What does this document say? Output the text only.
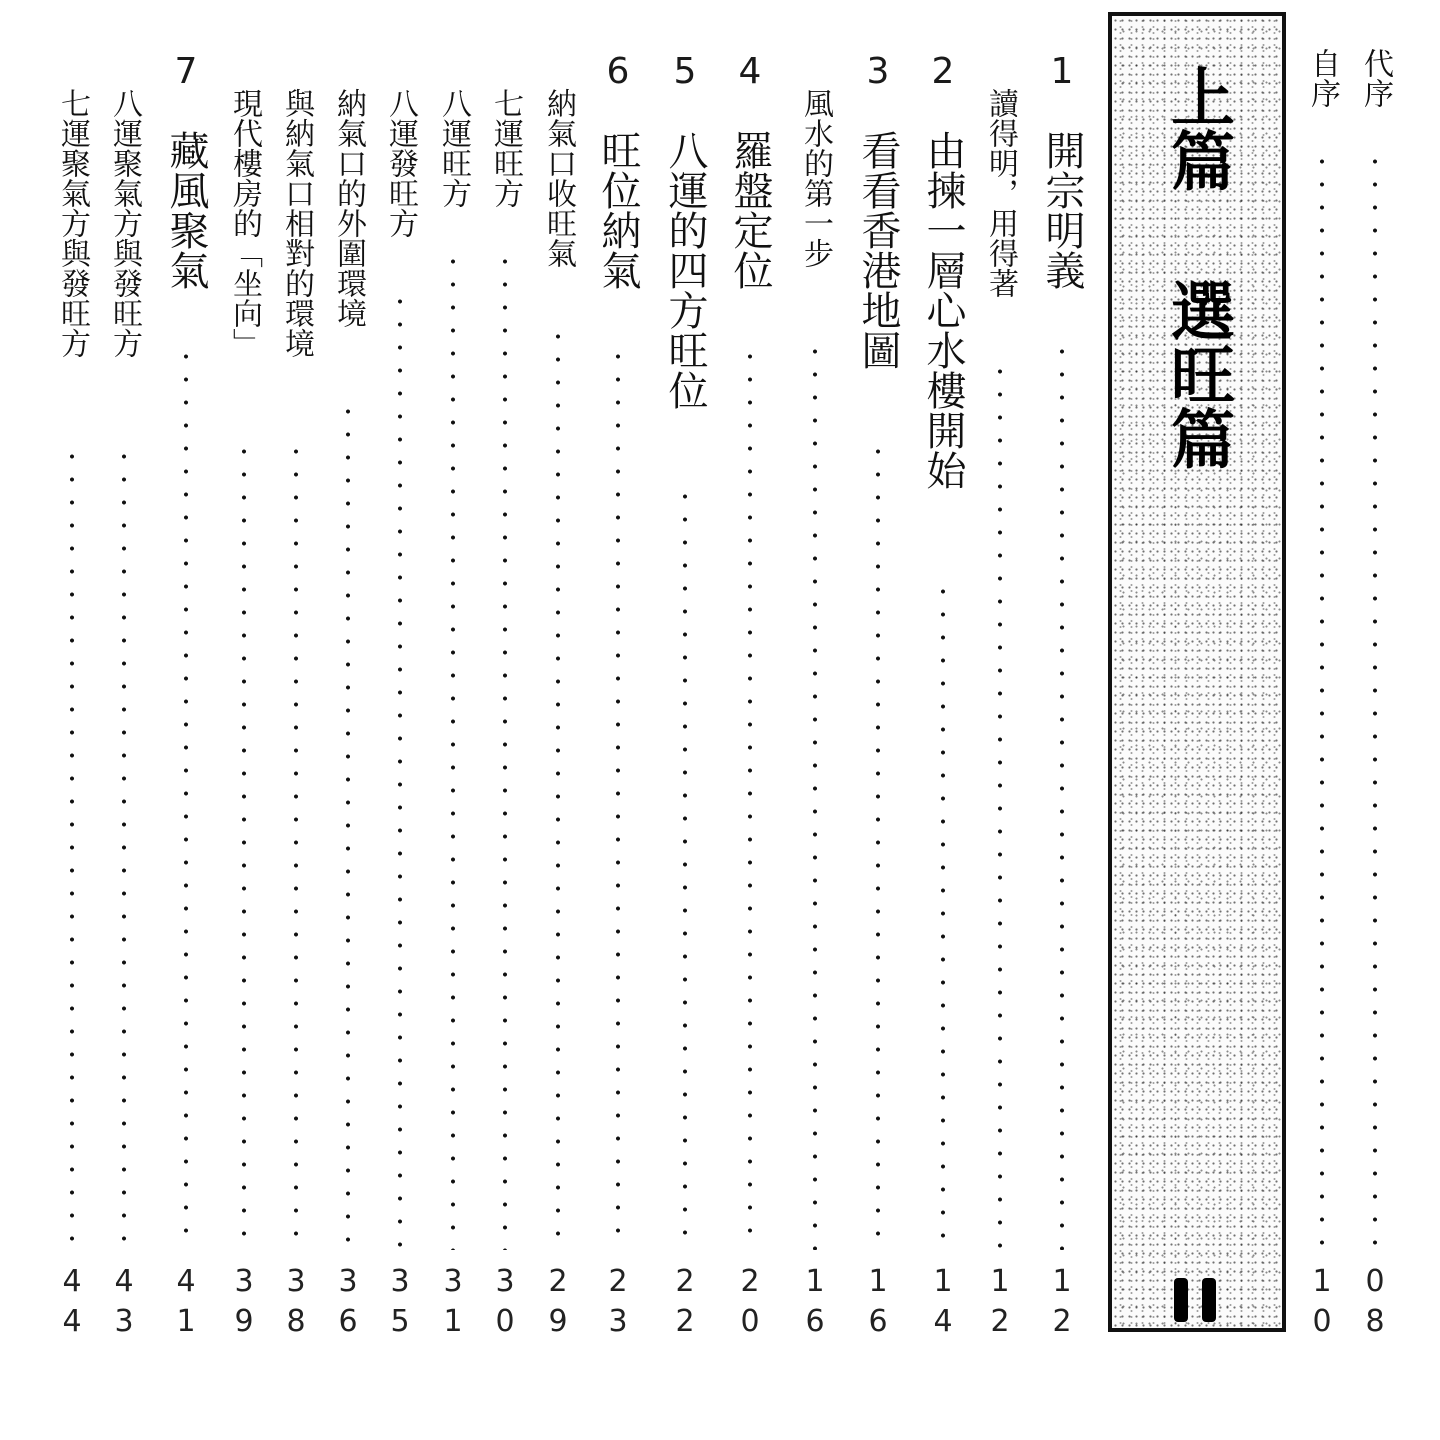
代序
0
8
自序
1
0
上篇
選旺篇
1
開宗明義
1
2
讀得明，用得著
1
2
2
由揀一層心水樓開始
1
4
3
看看香港地圖
1
6
風水的第一步
1
6
4
羅盤定位
2
0
5
八運的四方旺位
2
2
6
旺位納氣
2
3
納氣口收旺氣
2
9
七運旺方
3
0
八運旺方
3
1
八運發旺方
3
5
納氣口的外圍環境
3
6
與納氣口相對的環境
3
8
現代樓房的「坐向」
3
9
7
藏風聚氣
4
1
八運聚氣方與發旺方
4
3
七運聚氣方與發旺方
4
4
